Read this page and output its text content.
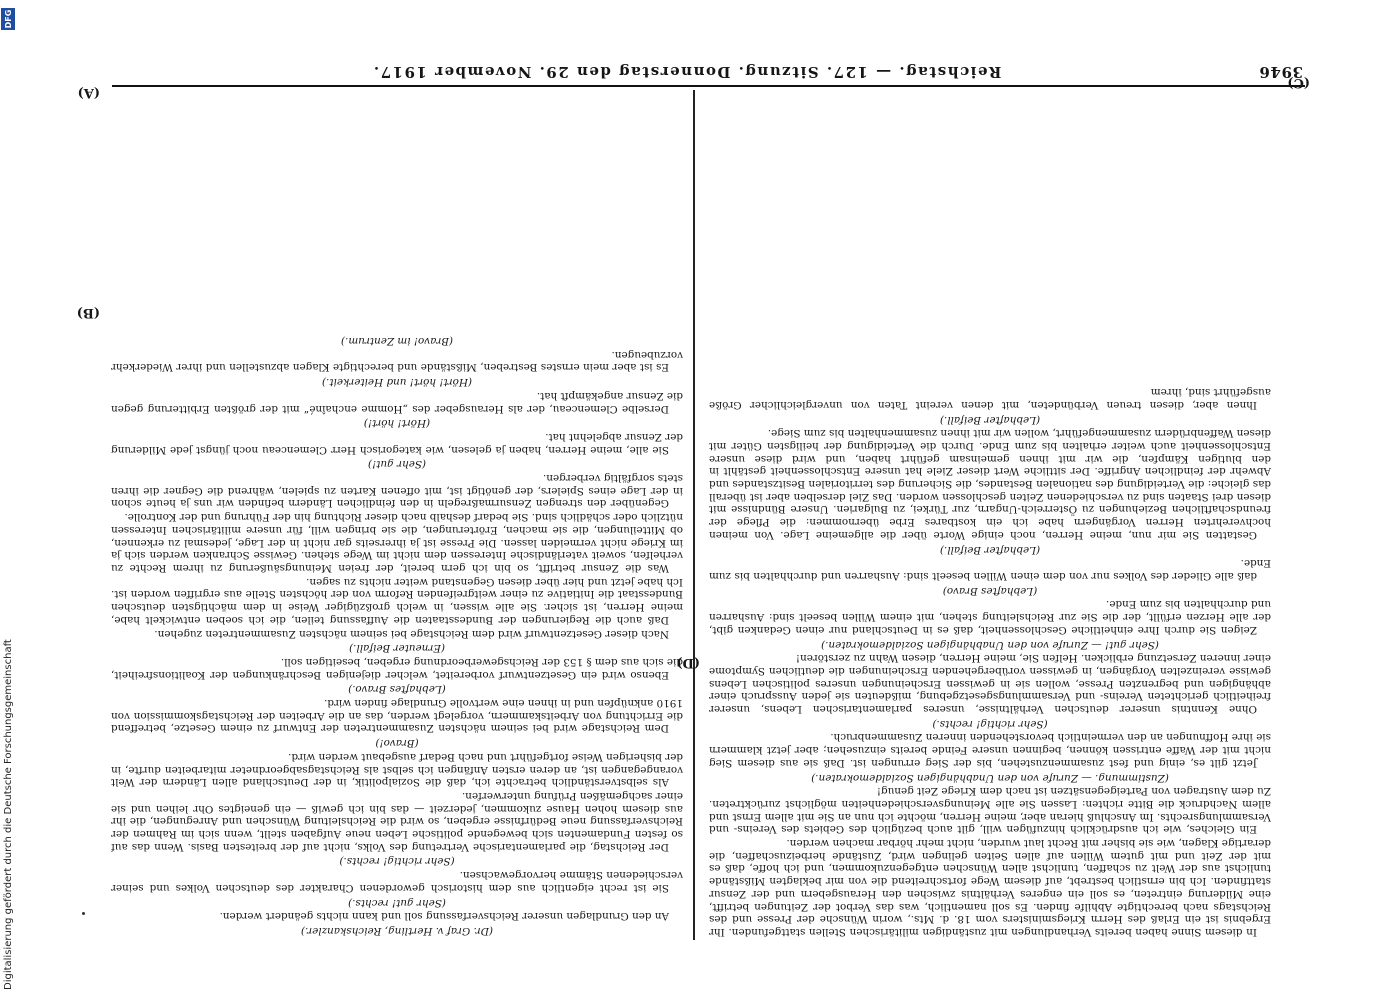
3946
Reichstag. — 127. Sitzung. Donnerstag den 29. November 1917.
(A)
(B)
(C)
(D)

(Dr. Graf v. Hertling, Reichskanzler.)

An den Grundlagen unserer Reichsverfassung soll und kann nichts geändert werden.

(Sehr gut! rechts.)

Sie ist recht eigentlich aus dem historisch gewordenen Charakter des deutschen Volkes und seiner verschiedenen Stämme hervorgewachsen.

(Sehr richtig! rechts.)

Der Reichstag, die parlamentarische Vertretung des Volks, nicht auf der breitesten Basis. Wenn das auf so festen Fundamenten sich bewegende politische Leben neue Aufgaben stellt, wenn sich im Rahmen der Reichsverfassung neue Bedürfnisse ergeben, so wird die Reichsleitung Wünschen und Anregungen, die ihr aus diesem hohen Hause zukommen, jederzeit — das bin ich gewiß — ein geneigtes Ohr leihen und sie einer sachgemäßen Prüfung unterwerfen.

Als selbstverständlich betrachte ich, daß die Sozialpolitik, in der Deutschland allen Ländern der Welt vorangegangen ist, an deren ersten Anfängen ich selbst als Reichstagsabgeordneter mitarbeiten durfte, in der bisherigen Weise fortgeführt und nach Bedarf ausgebaut werden wird.

(Bravo!)

Dem Reichstage wird bei seinem nächsten Zusammentreten der Entwurf zu einem Gesetze, betreffend die Errichtung von Arbeitskammern, vorgelegt werden, das an die Arbeiten der Reichstagskommission von 1910 anknüpfen und in ihnen eine wertvolle Grundlage finden wird.

(Lebhaftes Bravo.)

Ebenso wird ein Gesetzentwurf vorbereitet, welcher diejenigen Beschränkungen der Koalitionsfreiheit, die sich aus dem § 153 der Reichsgewerbeordnung ergeben, beseitigen soll.

(Erneuter Beifall.)

Nach dieser Gesetzentwurf wird dem Reichstage bei seinem nächsten Zusammentreten zugehen.

Daß auch die Regierungen der Bundesstaaten die Auffassung teilen, die ich soeben entwickelt habe, meine Herren, ist sicher. Sie alle wissen, in welch großzügiger Weise in dem mächtigsten deutschen Bundesstaat die Initiative zu einer weitgreifenden Reform von der höchsten Stelle aus ergriffen worden ist. Ich habe jetzt und hier über diesen Gegenstand weiter nichts zu sagen.

Was die Zensur betrifft, so bin ich gern bereit, der freien Meinungsäußerung zu ihrem Rechte zu verhelfen, soweit vaterländische Interessen dem nicht im Wege stehen. Gewisse Schranken werden sich ja im Kriege nicht vermeiden lassen. Die Presse ist ja ihrerseits gar nicht in der Lage, jedesmal zu erkennen, ob Mitteilungen, die sie machen, Erörterungen, die sie bringen will, für unsere militärischen Interessen nützlich oder schädlich sind. Sie bedarf deshalb nach dieser Richtung hin der Führung und der Kontrolle.

Gegenüber den strengen Zensurmaßregeln in den feindlichen Ländern befinden wir uns ja heute schon in der Lage eines Spielers, der genötigt ist, mit offenen Karten zu spielen, während die Gegner die ihren stets sorgfältig verbergen.

(Sehr gut!)

Sie alle, meine Herren, haben ja gelesen, wie kategorisch Herr Clemenceau noch jüngst jede Milderung der Zensur abgelehnt hat.

(Hört! hört!)

Derselbe Clemenceau, der als Herausgeber des „Homme enchaîné“ mit der größten Erbitterung gegen die Zensur angekämpft hat.

(Hört! hört! und Heiterkeit.)

Es ist aber mein ernstes Bestreben, Mißstände und berechtigte Klagen abzustellen und ihrer Wiederkehr vorzubeugen.

(Bravo! im Zentrum.)

In diesem Sinne haben bereits Verhandlungen mit zuständigen militärischen Stellen stattgefunden. Ihr Ergebnis ist ein Erlaß des Herrn Kriegsministers vom 18. d. Mts., worin Wünsche der Presse und des Reichstags nach berechtigte Abhilfe finden. Es soll namentlich, was das Verbot der Zeitungen betrifft, eine Milderung eintreten, es soll ein engeres Verhältnis zwischen den Herausgebern und der Zensur stattfinden. Ich bin ernstlich bestrebt, auf diesem Wege fortschreitend die von mir beklagten Mißstände tunlichst aus der Welt zu schaffen, tunlichst allen Wünschen entgegenzukommen, und ich hoffe, daß es mit der Zeit und mit gutem Willen auf allen Seiten gelingen wird, Zustände herbeizuschaffen, die derartige Klagen, wie sie bisher mit Recht laut wurden, nicht mehr hörbar machen werden.

Ein Gleiches, wie ich ausdrücklich hinzufügen will, gilt auch bezüglich des Gebiets des Vereins- und Versammlungsrechts. Im Anschluß hieran aber, meine Herren, möchte ich nun an Sie mit allem Ernst und allem Nachdruck die Bitte richten: Lassen Sie alle Meinungsverschiedenheiten möglichst zurücktreten. Zu dem Austragen von Parteigegensätzen ist nach dem Kriege Zeit genug!

(Zustimmung. — Zurufe von den Unabhängigen Sozialdemokraten.)

Jetzt gilt es, einig und fest zusammenzustehen, bis der Sieg errungen ist. Daß sie aus diesem Sieg nicht mit der Waffe entrissen können, beginnen unsere Feinde bereits einzusehen; aber jetzt klammern sie ihre Hoffnungen an den vermeintlich bevorstehenden inneren Zusammenbruch.

(Sehr richtig! rechts.)

Ohne Kenntnis unserer deutschen Verhältnisse, unseres parlamentarischen Lebens, unserer freiheitlich gerichteten Vereins- und Versammlungsgesetzgebung, mißdeuten sie jeden Ausspruch einer abhängigen und begrenzten Presse, wollen sie in gewissen Erscheinungen unseres politischen Lebens gewisse vereinzelten Vorgängen, in gewissen vorübergehenden Erscheinungen die deutlichen Symptome einer inneren Zersetzung erblicken. Helfen Sie, meine Herren, diesen Wahn zu zerstören!

(Sehr gut! — Zurufe von den Unabhängigen Sozialdemokraten.)

Zeigen Sie durch Ihre einheitliche Geschlossenheit, daß es in Deutschland nur einen Gedanken gibt, der alle Herzen erfüllt, der die Sie zur Reichsleitung stehen, mit einem Willen beseelt sind: Ausharren und durchhalten bis zum Ende.

(Lebhaftes Bravo)

daß alle Glieder des Volkes nur von dem einen Willen beseelt sind: Ausharren und durchhalten bis zum Ende.

(Lebhafter Beifall.)

Gestatten Sie mir nun, meine Herren, noch einige Worte über die allgemeine Lage. Von meinen hochverehrten Herren Vorgängern habe ich ein kostbares Erbe übernommen: die Pflege der freundschaftlichen Beziehungen zu Österreich-Ungarn, zur Türkei, zu Bulgarien. Unsere Bündnisse mit diesen drei Staaten sind zu verschiedenen Zeiten geschlossen worden. Das Ziel derselben aber ist überall das gleiche: die Verteidigung des nationalen Bestandes, die Sicherung des territorialen Besitzstandes und Abwehr der feindlichen Angriffe. Der sittliche Wert dieser Ziele hat unsere Entschlossenheit gestählt in den blutigen Kämpfen, die wir mit ihnen gemeinsam geführt haben, und wird diese unsere Entschlossenheit auch weiter erhalten bis zum Ende. Durch die Verteidigung der heiligsten Güter mit diesen Waffenbrüdern zusammengeführt, wollen wir mit ihnen zusammenhalten bis zum Siege.

(Lebhafter Beifall.)

Ihnen aber, diesen treuen Verbündeten, mit denen vereint Taten von unvergleichlicher Größe ausgeführt sind, ihrem

Digitalisierung gefördert durch die Deutsche Forschungsgemeinschaft
DFG
